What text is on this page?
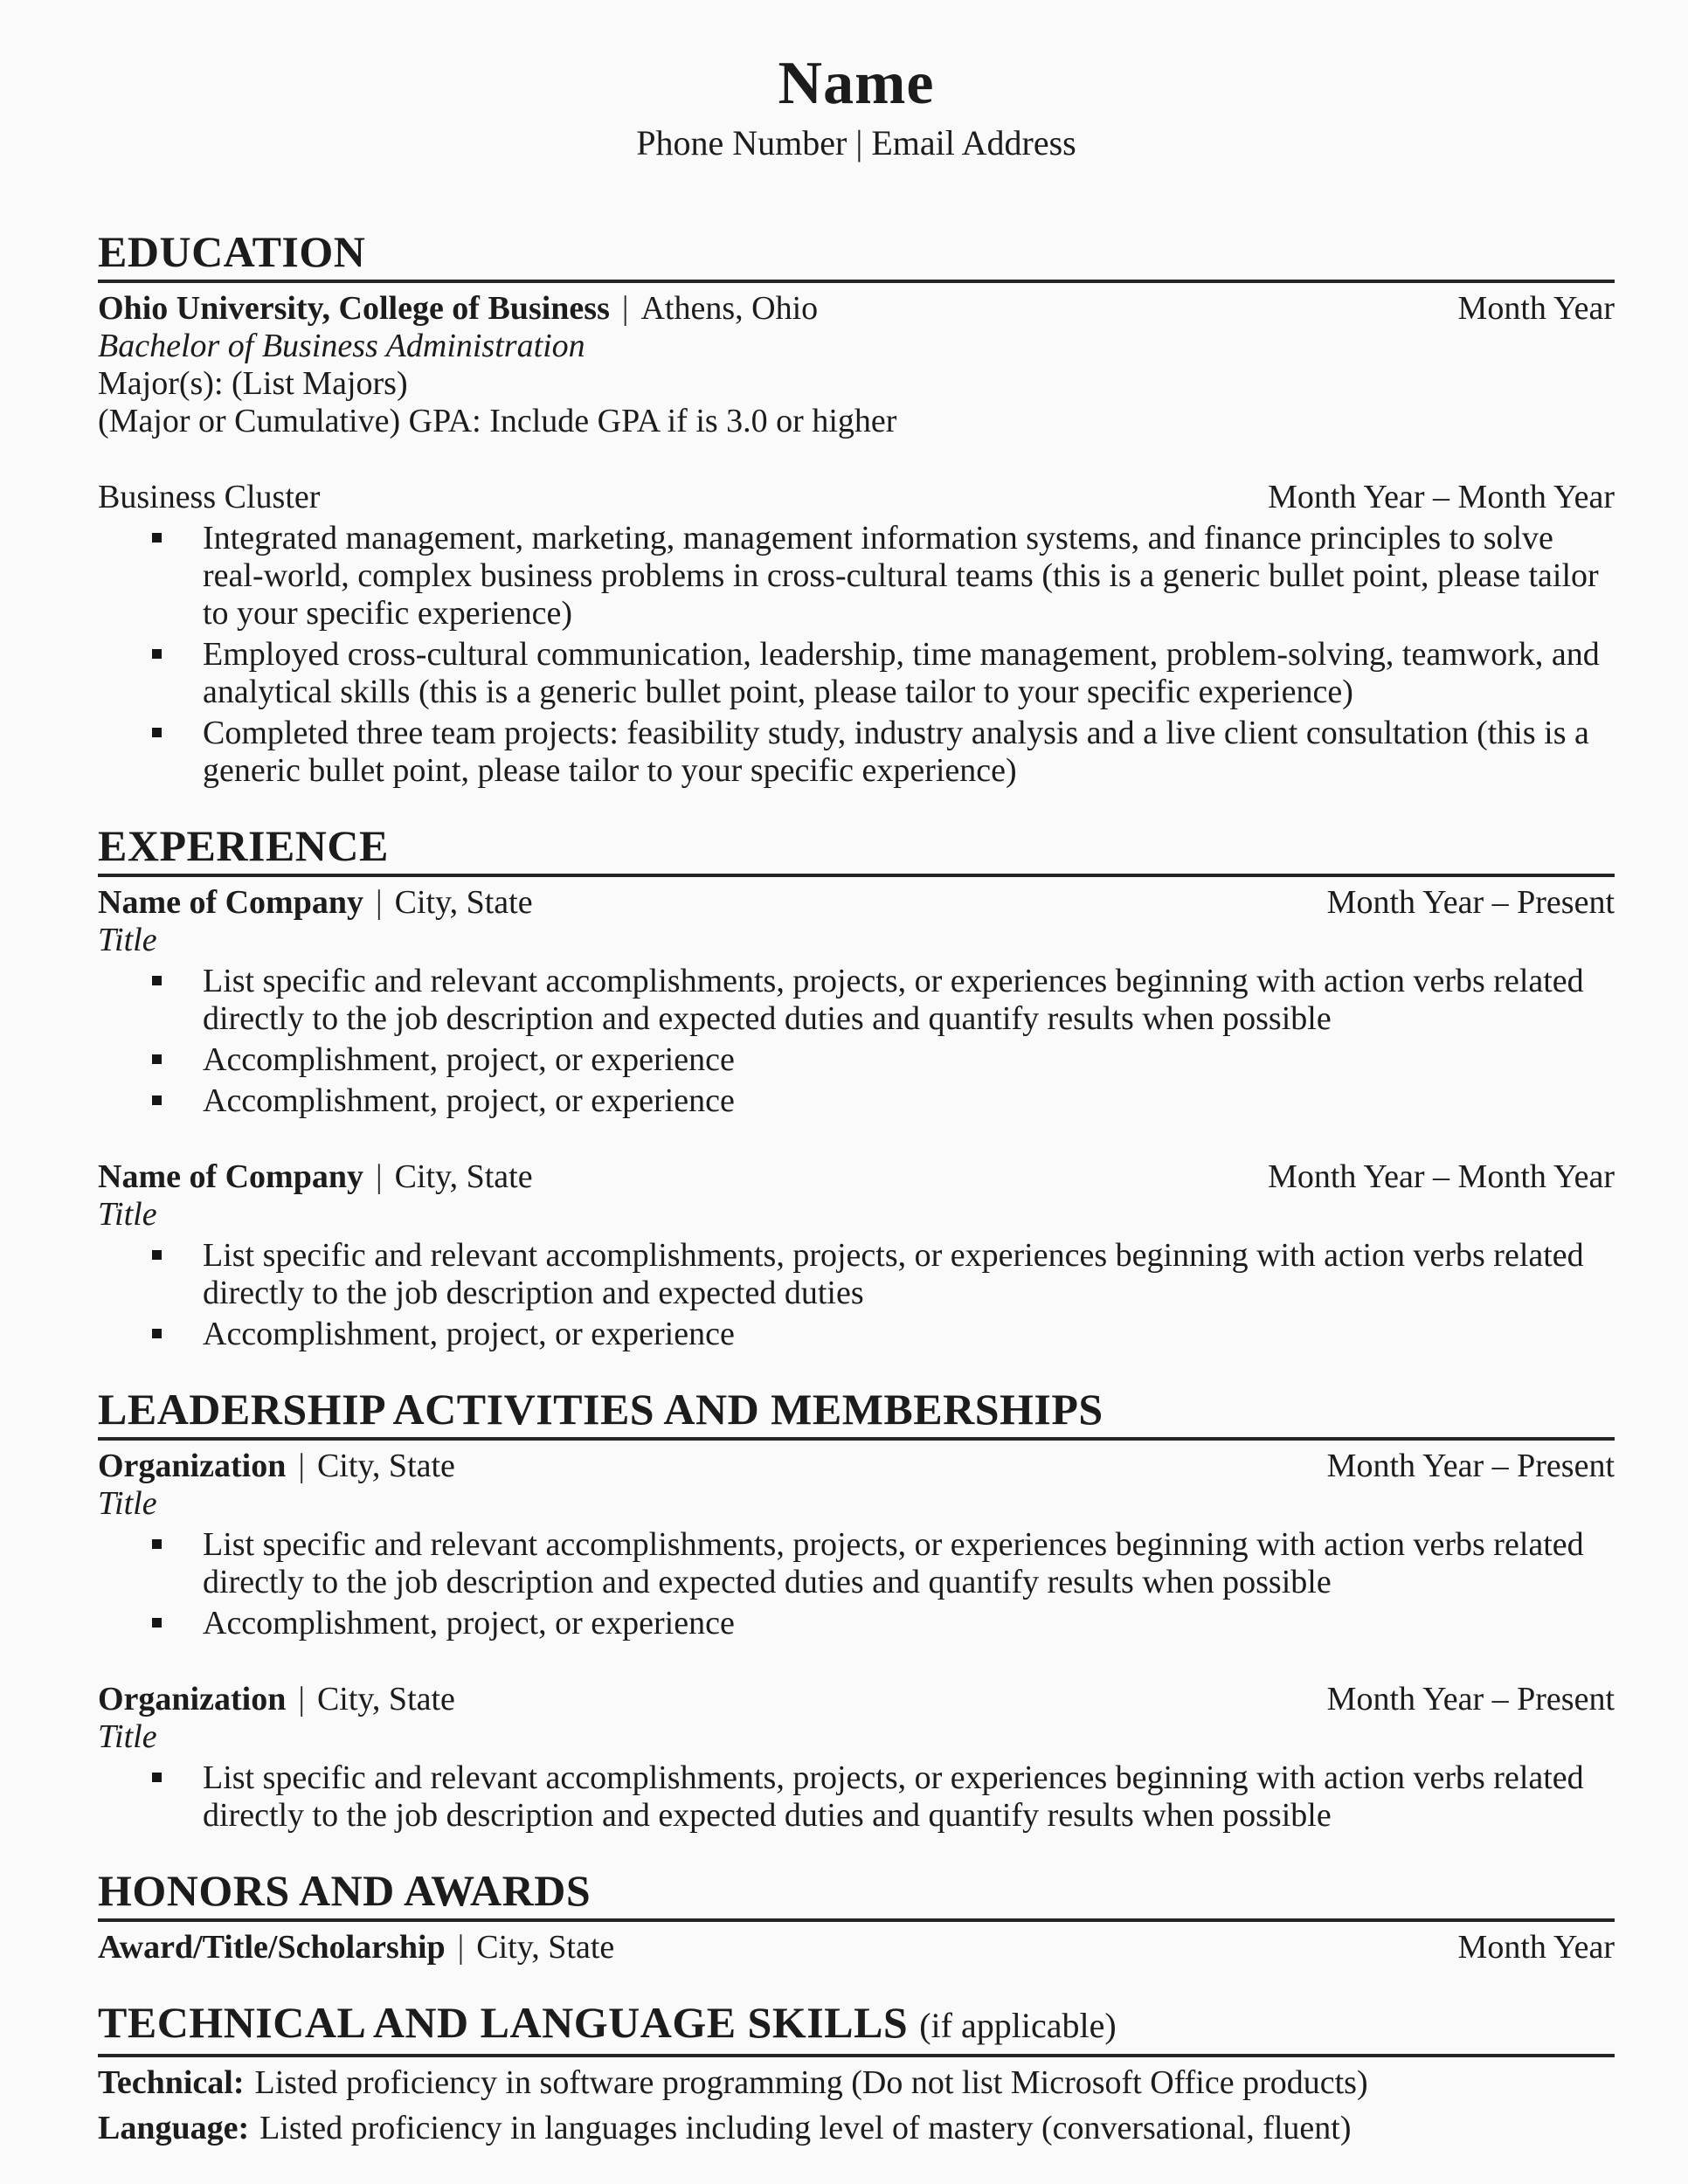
Name
Phone Number | Email Address
EDUCATION
Ohio University, College of Business | Athens, Ohio	Month Year
Bachelor of Business Administration
Major(s): (List Majors)
(Major or Cumulative) GPA: Include GPA if is 3.0 or higher
Business Cluster	Month Year – Month Year
Integrated management, marketing, management information systems, and finance principles to solve real-world, complex business problems in cross-cultural teams (this is a generic bullet point, please tailor to your specific experience)
Employed cross-cultural communication, leadership, time management, problem-solving, teamwork, and analytical skills (this is a generic bullet point, please tailor to your specific experience)
Completed three team projects: feasibility study, industry analysis and a live client consultation (this is a generic bullet point, please tailor to your specific experience)
EXPERIENCE
Name of Company | City, State	Month Year – Present
Title
List specific and relevant accomplishments, projects, or experiences beginning with action verbs related directly to the job description and expected duties and quantify results when possible
Accomplishment, project, or experience
Accomplishment, project, or experience
Name of Company | City, State	Month Year – Month Year
Title
List specific and relevant accomplishments, projects, or experiences beginning with action verbs related directly to the job description and expected duties
Accomplishment, project, or experience
LEADERSHIP ACTIVITIES AND MEMBERSHIPS
Organization | City, State	Month Year – Present
Title
List specific and relevant accomplishments, projects, or experiences beginning with action verbs related directly to the job description and expected duties and quantify results when possible
Accomplishment, project, or experience
Organization | City, State	Month Year – Present
Title
List specific and relevant accomplishments, projects, or experiences beginning with action verbs related directly to the job description and expected duties and quantify results when possible
HONORS AND AWARDS
Award/Title/Scholarship | City, State	Month Year
TECHNICAL AND LANGUAGE SKILLS (if applicable)
Technical: Listed proficiency in software programming (Do not list Microsoft Office products)
Language: Listed proficiency in languages including level of mastery (conversational, fluent)
